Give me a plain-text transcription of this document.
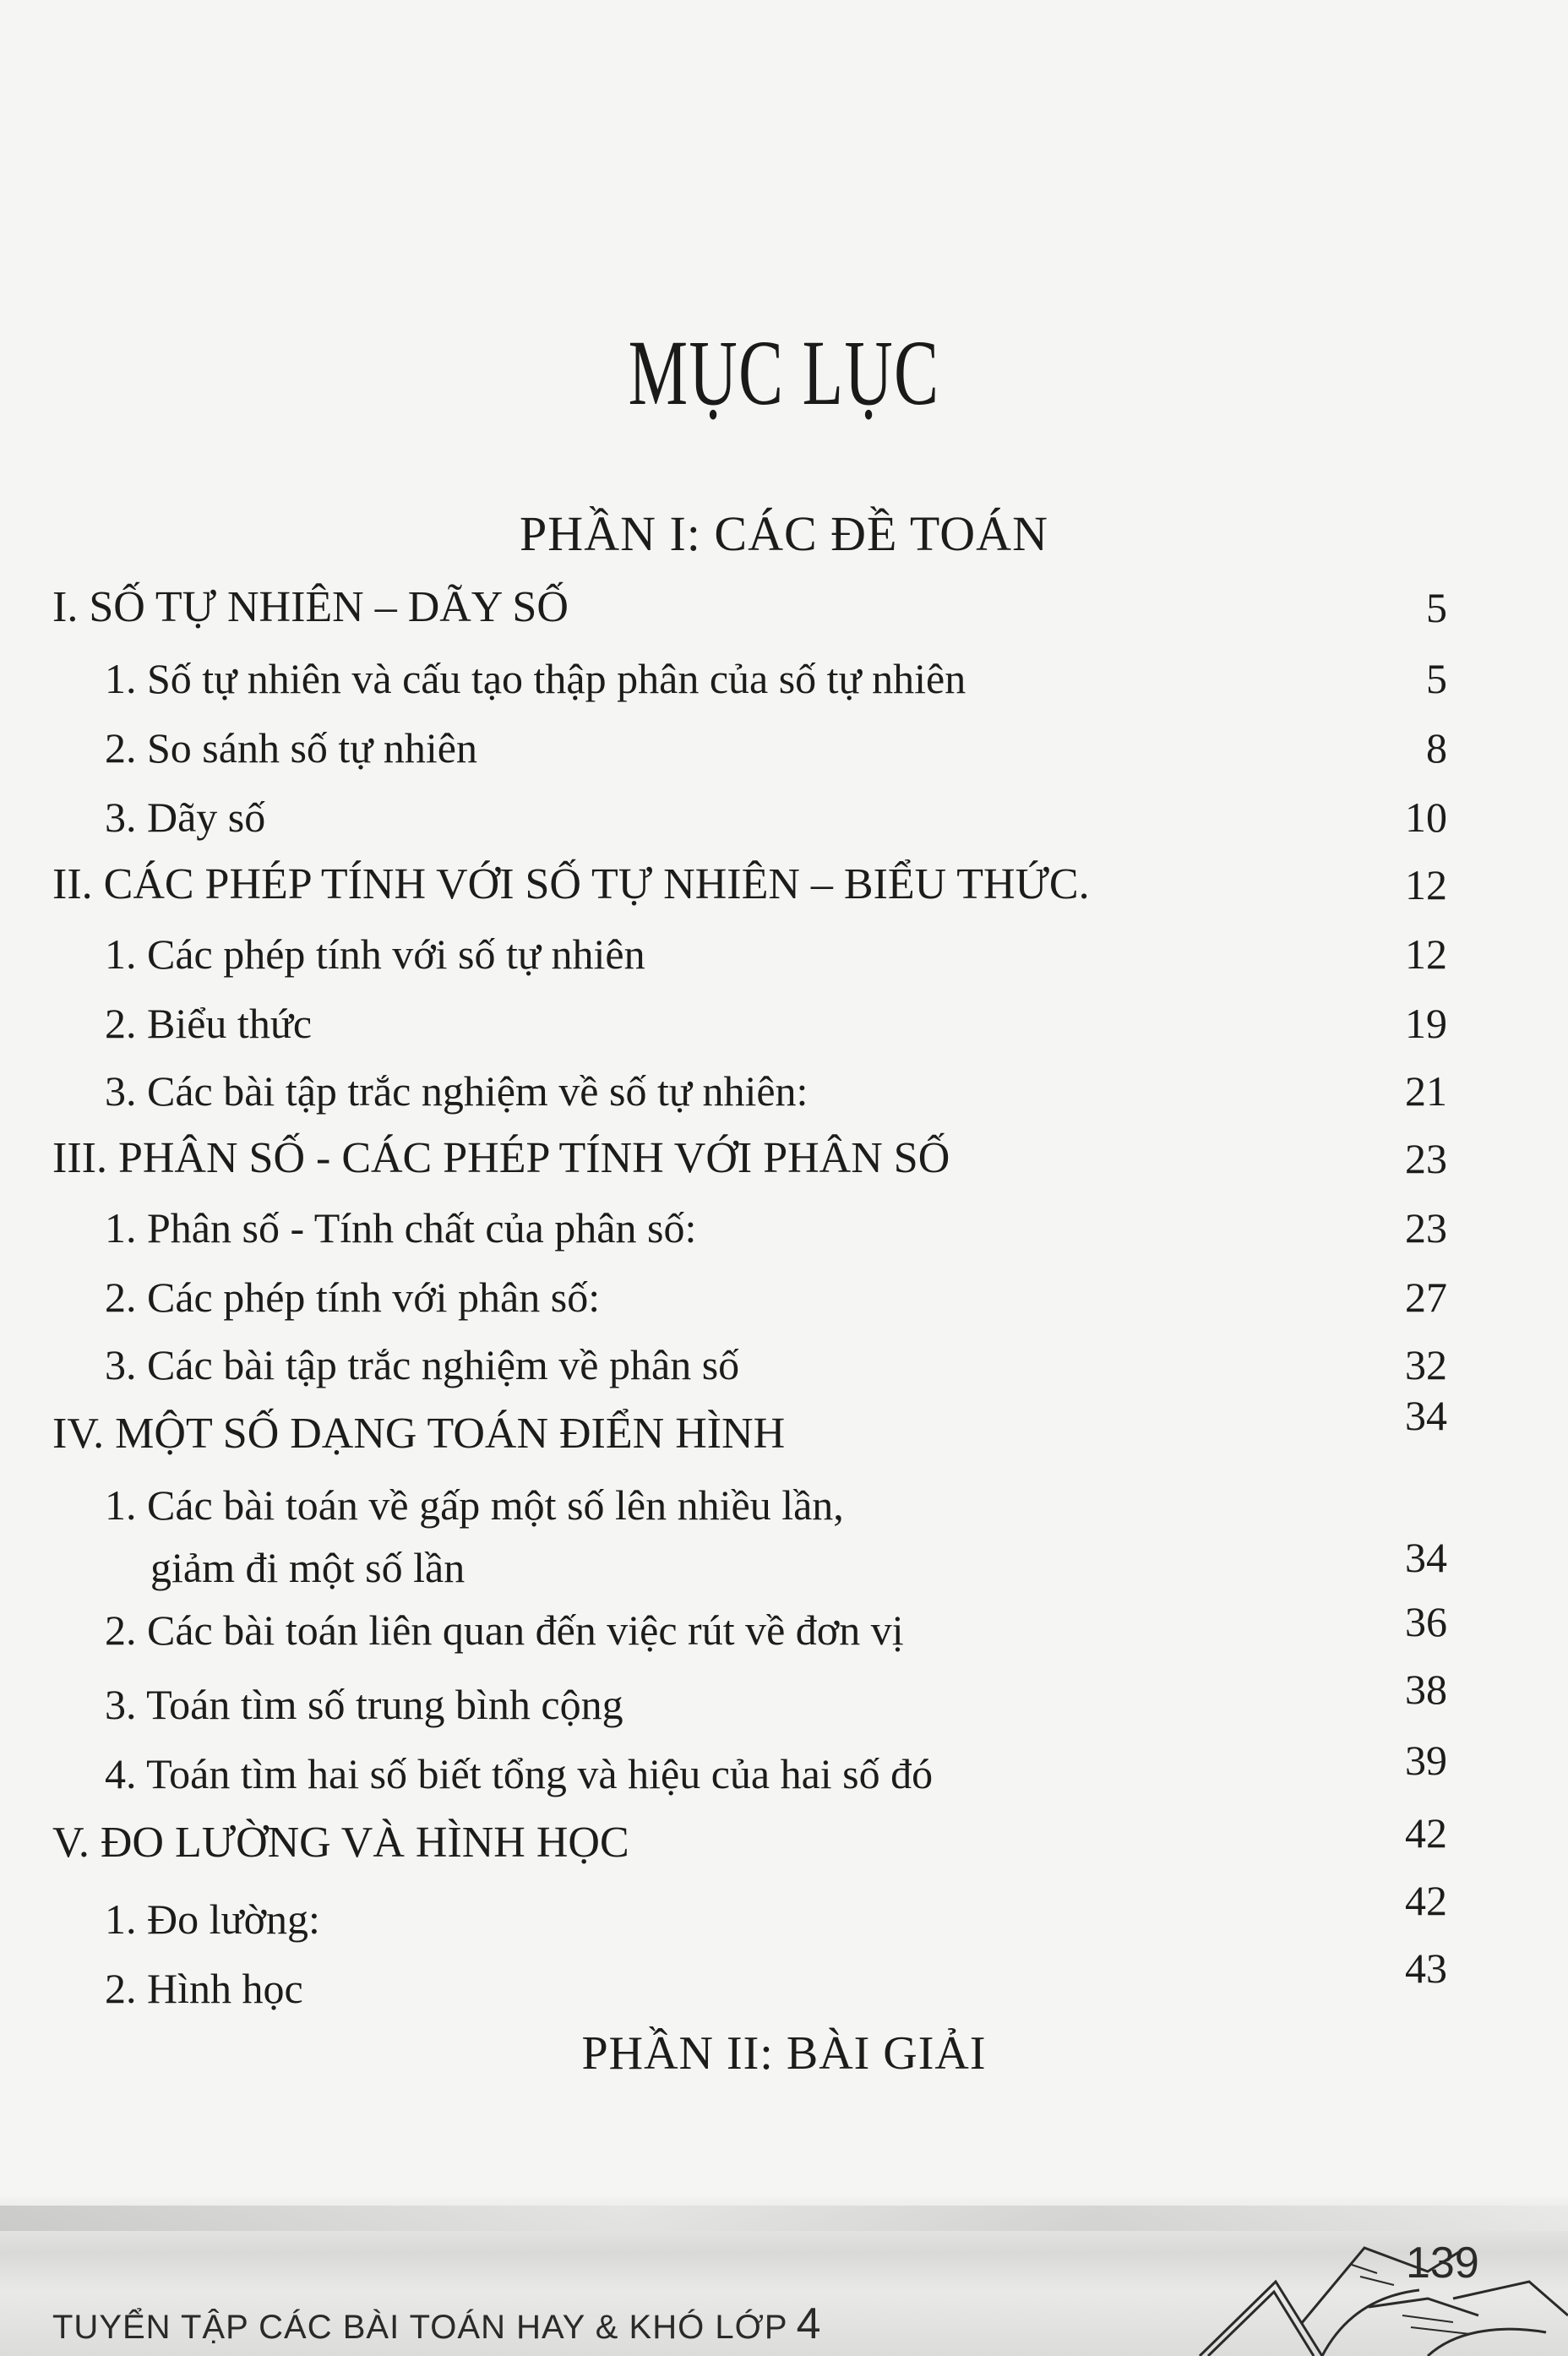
MỤC LỤC
PHẦN I: CÁC ĐỀ TOÁN
I. SỐ TỰ NHIÊN – DÃY SỐ	5
1. Số tự nhiên và cấu tạo thập phân của số tự nhiên	5
2. So sánh số tự nhiên	8
3. Dãy số	10
II. CÁC PHÉP TÍNH VỚI SỐ TỰ NHIÊN – BIỂU THỨC.	12
1. Các phép tính với số tự nhiên	12
2. Biểu thức	19
3. Các bài tập trắc nghiệm về số tự nhiên:	21
III. PHÂN SỐ - CÁC PHÉP TÍNH VỚI PHÂN SỐ	23
1. Phân số - Tính chất của phân số:	23
2. Các phép tính với phân số:	27
3. Các bài tập trắc nghiệm về phân số	32
IV. MỘT SỐ DẠNG TOÁN ĐIỂN HÌNH	34
1. Các bài toán về gấp một số lên nhiều lần,
giảm đi một số lần	34
2. Các bài toán liên quan đến việc rút về đơn vị	36
3. Toán tìm số trung bình cộng	38
4. Toán tìm hai số biết tổng và hiệu của hai số đó	39
V. ĐO LƯỜNG VÀ HÌNH HỌC	42
1. Đo lường:	42
2. Hình học	43
PHẦN II: BÀI GIẢI
TUYỂN TẬP CÁC BÀI TOÁN HAY & KHÓ LỚP 4
139
